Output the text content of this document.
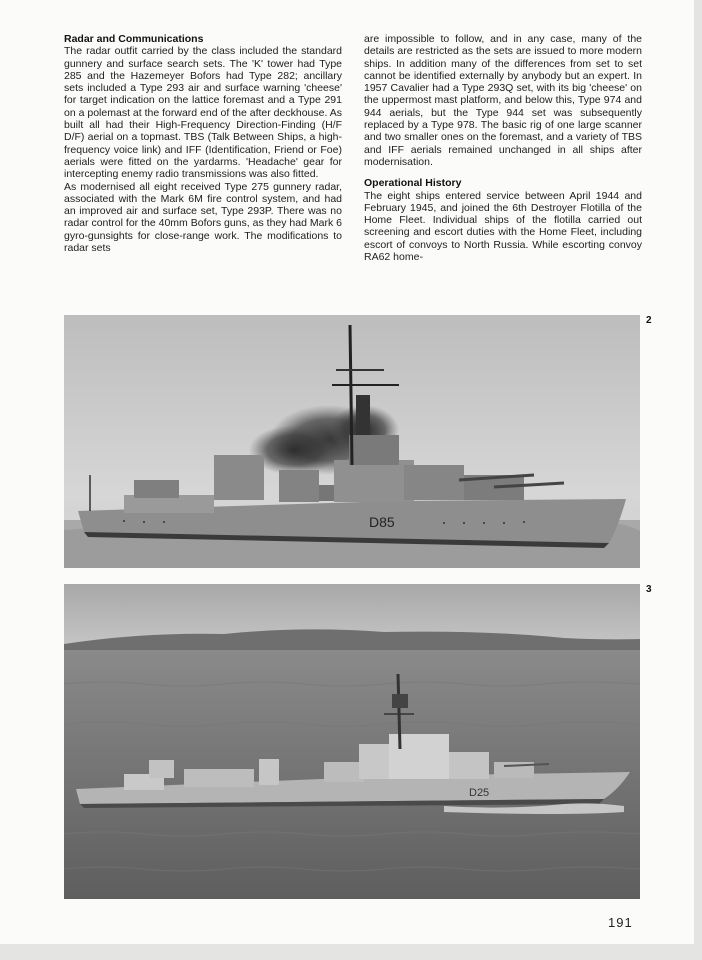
Radar and Communications

The radar outfit carried by the class included the standard gunnery and surface search sets. The 'K' tower had Type 285 and the Hazemeyer Bofors had Type 282; ancillary sets included a Type 293 air and surface warning 'cheese' for target indication on the lattice foremast and a Type 291 on a polemast at the forward end of the after deckhouse. As built all had their High-Frequency Direction-Finding (H/F D/F) aerial on a topmast. TBS (Talk Between Ships, a high-frequency voice link) and IFF (Identification, Friend or Foe) aerials were fitted on the yardarms. 'Headache' gear for intercepting enemy radio transmissions was also fitted.

As modernised all eight received Type 275 gunnery radar, associated with the Mark 6M fire control system, and had an improved air and surface set, Type 293P. There was no radar control for the 40mm Bofors guns, as they had Mark 6 gyro-gunsights for close-range work. The modifications to radar sets

are impossible to follow, and in any case, many of the details are restricted as the sets are issued to more modern ships. In addition many of the differences from set to set cannot be identified externally by anybody but an expert. In 1957 Cavalier had a Type 293Q set, with its big 'cheese' on the uppermost mast platform, and below this, Type 974 and 944 aerials, but the Type 944 set was subsequently replaced by a Type 978. The basic rig of one large scanner and two smaller ones on the foremast, and a variety of TBS and IFF aerials remained unchanged in all ships after modernisation.

Operational History

The eight ships entered service between April 1944 and February 1945, and joined the 6th Destroyer Flotilla of the Home Fleet. Individual ships of the flotilla carried out screening and escort duties with the Home Fleet, including escort of convoys to North Russia. While escorting convoy RA62 home-

D85
2
D25
3
191
